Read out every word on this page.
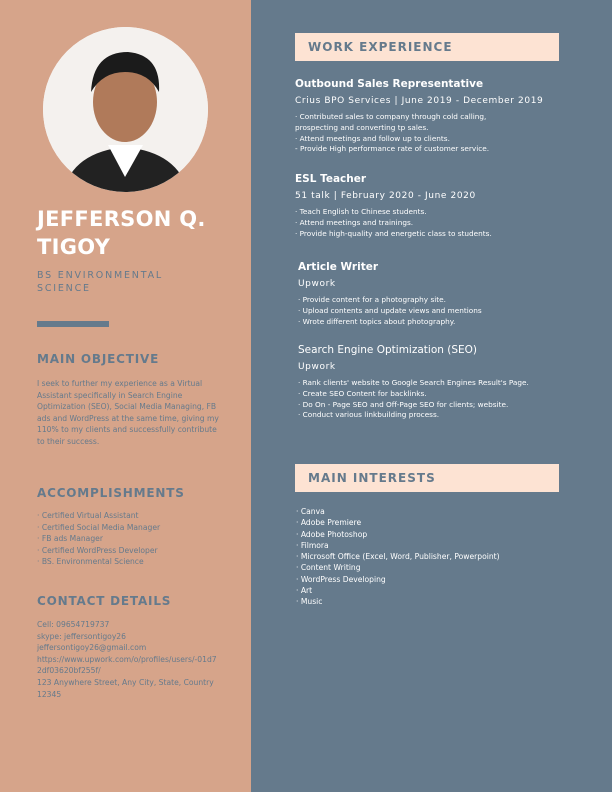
JEFFERSON Q. TIGOY
BS ENVIRONMENTAL SCIENCE
MAIN OBJECTIVE
I seek to further my experience as a Virtual Assistant specifically in Search Engine Optimization (SEO), Social Media Managing, FB ads and WordPress at the same time, giving my 110% to my clients and successfully contribute to their success.
ACCOMPLISHMENTS
· Certified Virtual Assistant
· Certified Social Media Manager
· FB ads Manager
· Certified WordPress Developer
· BS. Environmental Science
CONTACT DETAILS
Cell: 09654719737
skype: jeffersontigoy26
jeffersontigoy26@gmail.com
https://www.upwork.com/o/profiles/users/-01d72df03620bf255f/
123 Anywhere Street, Any City, State, Country 12345
WORK EXPERIENCE
Outbound Sales Representative
Crius BPO Services | June 2019 - December 2019
· Contributed sales to company through cold calling, prospecting and converting tp sales.
· Attend meetings and follow up to clients.
- Provide High performance rate of customer service.
ESL Teacher
51 talk | February 2020 - June 2020
· Teach English to Chinese students.
· Attend meetings and trainings.
· Provide high-quality and energetic class to students.
Article Writer
Upwork
· Provide content for a photography site.
· Upload contents and update views and mentions
· Wrote different topics about photography.
Search Engine Optimization (SEO)
Upwork
· Rank clients' website to Google Search Engines Result's Page.
· Create SEO Content for backlinks.
· Do On - Page SEO and Off-Page SEO for clients; website.
· Conduct various linkbuilding process.
MAIN INTERESTS
· Canva
· Adobe Premiere
· Adobe Photoshop
· Filmora
· Microsoft Office (Excel, Word, Publisher, Powerpoint)
· Content Writing
· WordPress Developing
· Art
· Music
